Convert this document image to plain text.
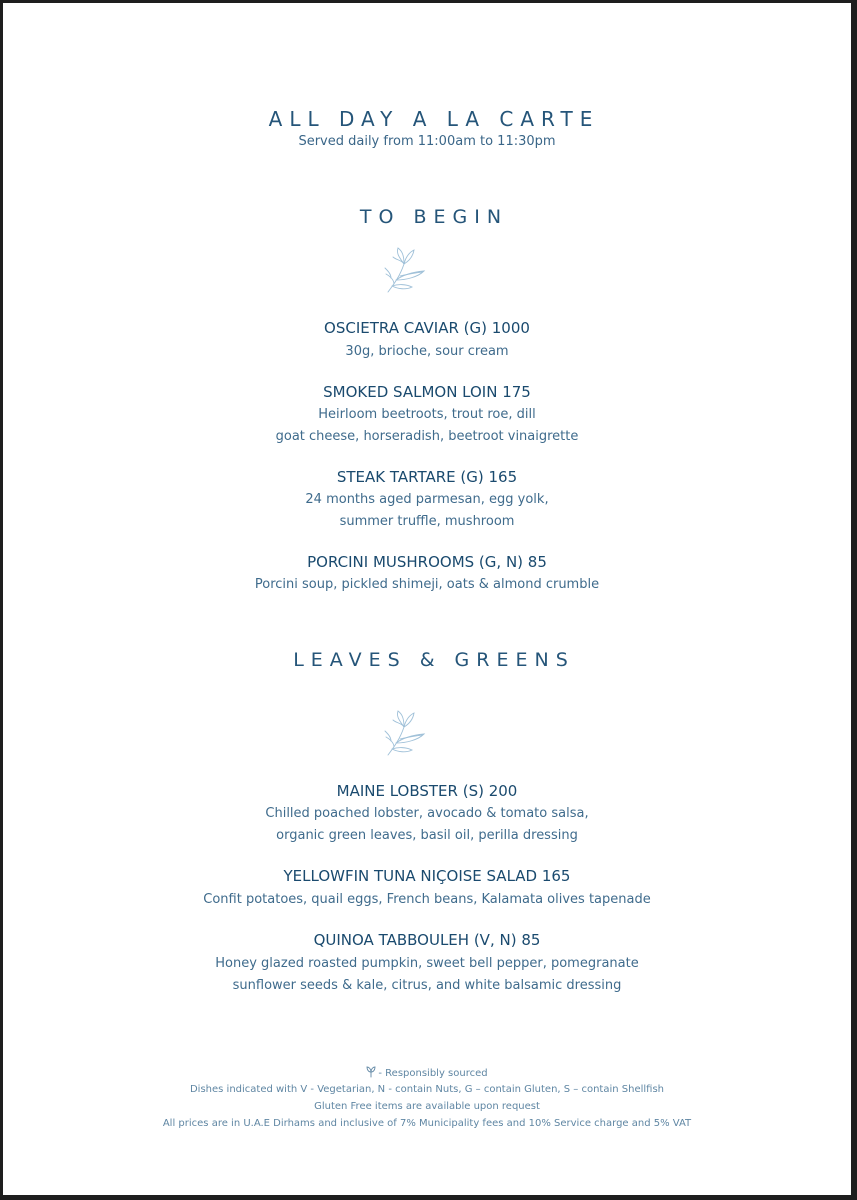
ALL DAY A LA CARTE
Served daily from 11:00am to 11:30pm
TO BEGIN
OSCIETRA CAVIAR (G) 1000
30g, brioche, sour cream
SMOKED SALMON LOIN 175
Heirloom beetroots, trout roe, dill
goat cheese, horseradish, beetroot vinaigrette
STEAK TARTARE (G) 165
24 months aged parmesan, egg yolk,
summer truffle, mushroom
PORCINI MUSHROOMS (G, N) 85
Porcini soup, pickled shimeji, oats & almond crumble
LEAVES & GREENS
MAINE LOBSTER (S) 200
Chilled poached lobster, avocado & tomato salsa,
organic green leaves, basil oil, perilla dressing
YELLOWFIN TUNA NIÇOISE SALAD 165
Confit potatoes, quail eggs, French beans, Kalamata olives tapenade
QUINOA TABBOULEH (V, N) 85
Honey glazed roasted pumpkin, sweet bell pepper, pomegranate
sunflower seeds & kale, citrus, and white balsamic dressing
- Responsibly sourced
Dishes indicated with V - Vegetarian, N - contain Nuts, G – contain Gluten, S – contain Shellfish
Gluten Free items are available upon request
All prices are in U.A.E Dirhams and inclusive of 7% Municipality fees and 10% Service charge and 5% VAT
